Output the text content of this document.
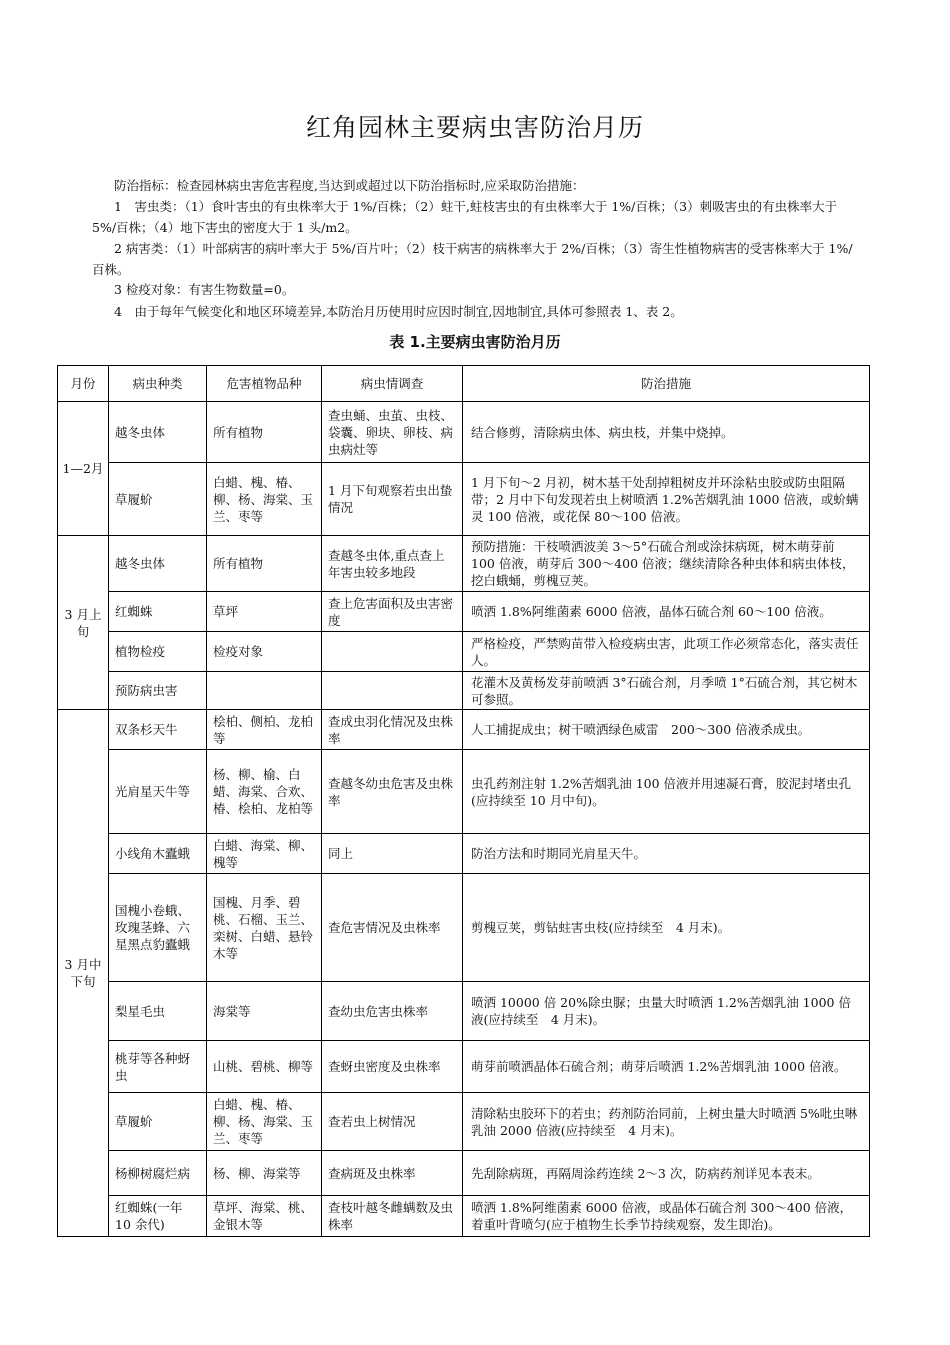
红角园林主要病虫害防治月历

防治指标：检查园林病虫害危害程度,当达到或超过以下防治指标时,应采取防治措施：

1　害虫类：（1）食叶害虫的有虫株率大于 1%/百株；（2）蛀干,蛀枝害虫的有虫株率大于 1%/百株；（3）刺吸害虫的有虫株率大于 5%/百株；（4）地下害虫的密度大于 1 头/m2。

2 病害类：（1）叶部病害的病叶率大于 5%/百片叶；（2）枝干病害的病株率大于 2%/百株；（3）寄生性植物病害的受害株率大于 1%/百株。

3 检疫对象：有害生物数量=0。

4　由于每年气候变化和地区环境差异,本防治月历使用时应因时制宜,因地制宜,具体可参照表 1、表 2。

表 1.主要病虫害防治月历
月份	病虫种类	危害植物品种	病虫情调查	防治措施
1—2月	越冬虫体	所有植物	查虫蛹、虫茧、虫枝、袋囊、卵块、卵枝、病虫病灶等	结合修剪，清除病虫体、病虫枝，并集中烧掉。
	草履蚧	白蜡、槐、椿、柳、杨、海棠、玉兰、枣等	1 月下旬观察若虫出蛰情况	1 月下旬～2 月初，树木基干处刮掉粗树皮并环涂粘虫胶或防虫阻隔带；2 月中下旬发现若虫上树喷洒 1.2%苦烟乳油 1000 倍液，或蚧螨灵 100 倍液，或花保 80～100 倍液。
3 月上旬	越冬虫体	所有植物	查越冬虫体,重点查上年害虫较多地段	预防措施：干枝喷洒波美 3～5°石硫合剂或涂抹病斑，树木萌芽前 100 倍液，萌芽后 300～400 倍液；继续清除各种虫体和病虫体枝，挖白蛾蛹，剪槐豆荚。
	红蜘蛛	草坪	查上危害面积及虫害密度	喷洒 1.8%阿维菌素 6000 倍液，晶体石硫合剂 60～100 倍液。
	植物检疫	检疫对象		严格检疫，严禁购苗带入检疫病虫害，此项工作必须常态化，落实责任人。
	预防病虫害			花灌木及黄杨发芽前喷洒 3°石硫合剂，月季喷 1°石硫合剂，其它树木可参照。
3 月中下旬	双条杉天牛	桧柏、侧柏、龙柏等	查成虫羽化情况及虫株率	人工捕捉成虫；树干喷洒绿色威雷　200～300 倍液杀成虫。
	光肩星天牛等	杨、柳、榆、白蜡、海棠、合欢、椿、桧柏、龙柏等	查越冬幼虫危害及虫株率	虫孔药剂注射 1.2%苦烟乳油 100 倍液并用速凝石膏，胶泥封堵虫孔(应持续至 10 月中旬)。
	小线角木蠹蛾	白蜡、海棠、柳、槐等	同上	防治方法和时期同光肩星天牛。
	国槐小卷蛾、玫瑰茎蜂、六星黑点豹蠹蛾	国槐、月季、碧桃、石榴、玉兰、栾树、白蜡、悬铃木等	查危害情况及虫株率	剪槐豆荚，剪钻蛀害虫枝(应持续至　4 月末)。
	梨星毛虫	海棠等	查幼虫危害虫株率	喷洒 10000 倍 20%除虫脲；虫量大时喷洒 1.2%苦烟乳油 1000 倍液(应持续至　4 月末)。
	桃芽等各种蚜虫	山桃、碧桃、柳等	查蚜虫密度及虫株率	萌芽前喷洒晶体石硫合剂；萌芽后喷洒 1.2%苦烟乳油 1000 倍液。
	草履蚧	白蜡、槐、椿、柳、杨、海棠、玉兰、枣等	查若虫上树情况	清除粘虫胶环下的若虫；药剂防治同前，上树虫量大时喷洒 5%吡虫啉乳油 2000 倍液(应持续至　4 月末)。
	杨柳树腐烂病	杨、柳、海棠等	查病斑及虫株率	先刮除病斑，再隔周涂药连续 2～3 次，防病药剂详见本表末。
	红蜘蛛(一年 10 余代)	草坪、海棠、桃、金银木等	查枝叶越冬雌螨数及虫株率	喷洒 1.8%阿维菌素 6000 倍液，或晶体石硫合剂 300～400 倍液，着重叶背喷匀(应于植物生长季节持续观察，发生即治)。
